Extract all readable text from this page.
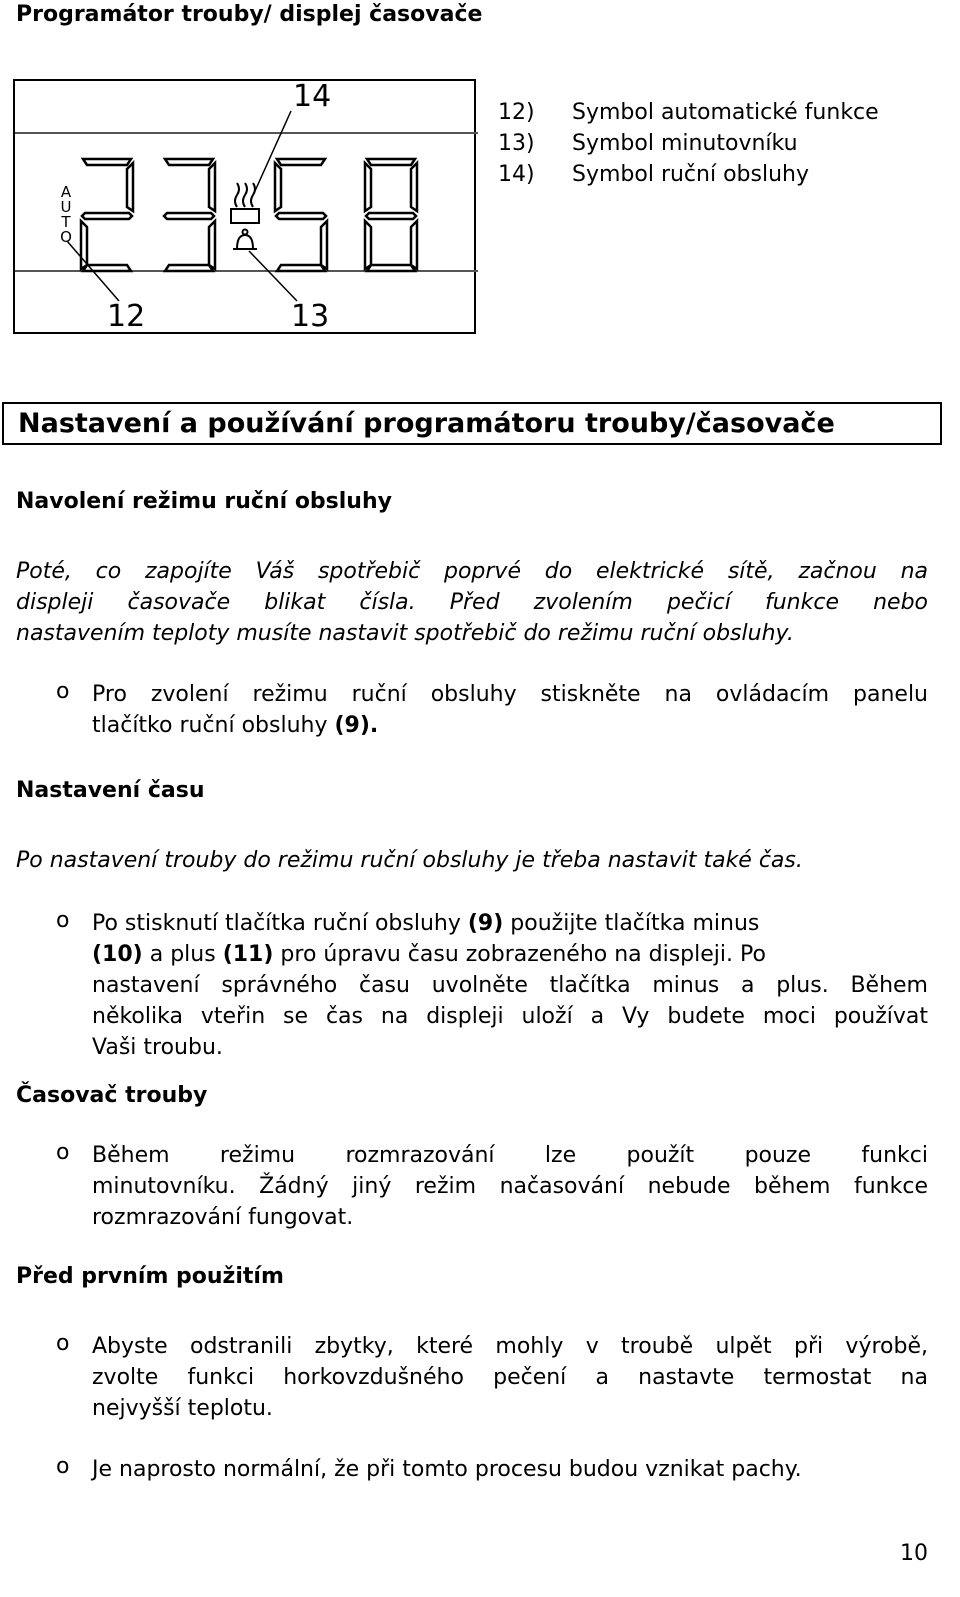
Programátor trouby/ displej časovače
A
U
T
O
14
12	13
12) Symbol automatické funkce
13) Symbol minutovníku
14) Symbol ruční obsluhy
Nastavení a používání programátoru trouby/časovače
Navolení režimu ruční obsluhy
Poté, co zapojíte Váš spotřebič poprvé do elektrické sítě, začnou na
displeji časovače blikat čísla. Před zvolením pečicí funkce nebo
nastavením teploty musíte nastavit spotřebič do režimu ruční obsluhy.
o Pro zvolení režimu ruční obsluhy stiskněte na ovládacím panelu
tlačítko ruční obsluhy (9).
Nastavení času
Po nastavení trouby do režimu ruční obsluhy je třeba nastavit také čas.
o Po stisknutí tlačítka ruční obsluhy (9) použijte tlačítka minus
(10) a plus (11) pro úpravu času zobrazeného na displeji. Po
nastavení správného času uvolněte tlačítka minus a plus. Během
několika vteřin se čas na displeji uloží a Vy budete moci používat
Vaši troubu.
Časovač trouby
o Během režimu rozmrazování lze použít pouze funkci
minutovníku. Žádný jiný režim načasování nebude během funkce
rozmrazování fungovat.
Před prvním použitím
o Abyste odstranili zbytky, které mohly v troubě ulpět při výrobě,
zvolte funkci horkovzdušného pečení a nastavte termostat na
nejvyšší teplotu.
o Je naprosto normální, že při tomto procesu budou vznikat pachy.
10
